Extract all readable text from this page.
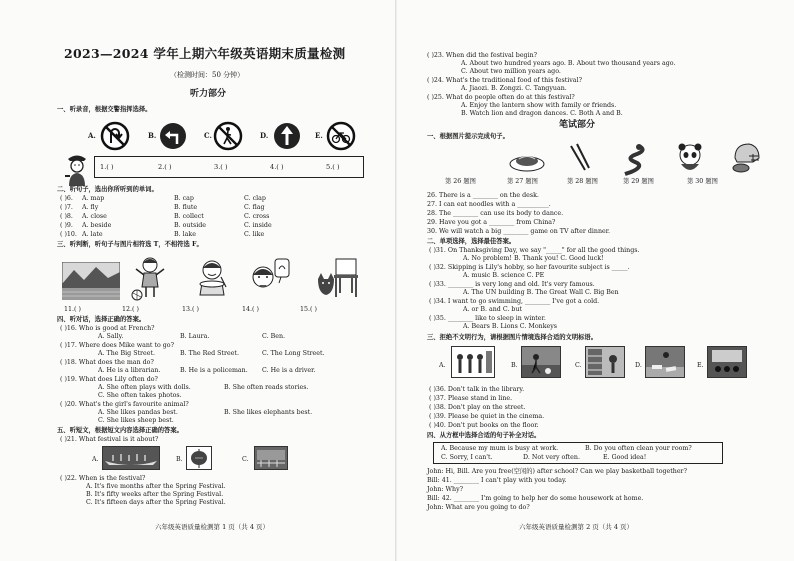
2023—2024 学年上期六年级英语期末质量检测
（检测时间：50 分钟）
听力部分
一、听录音，根据交警指挥选择。
A.	B.	C.	D.	E.
1.( )	2.( )	3.( )	4.( )	5.( )
二、听句子，选出你所听到的单词。
( )6. A. map	B. cap	C. clap
( )7. A. fly	B. flute	C. flag
( )8. A. close	B. collect	C. cross
( )9. A. beside	B. outside	C. inside
( )10. A. late	B. lake	C. like
三、听判断，听句子与图片相符选 T，不相符选 F。
11.( )	12.( )	13.( )	14.( )	15.( )
四、听对话，选择正确的答案。
( )16. Who is good at French?
A. Sally.	B. Laura.	C. Ben.
( )17. Where does Mike want to go?
A. The Big Street.	B. The Red Street.	C. The Long Street.
( )18. What does the man do?
A. He is a librarian.	B. He is a policeman. C. He is a driver.
( )19. What does Lily often do?
A. She often plays with dolls.	B. She often reads stories.
C. She often takes photos.
( )20. What's the girl's favourite animal?
A. She likes pandas best.	B. She likes elephants best.
C. She likes sheep best.
五、听短文，根据短文内容选择正确的答案。
( )21. What festival is it about?
A.	B.	C.
( )22. When is the festival?
A. It's five months after the Spring Festival.
B. It's fifty weeks after the Spring Festival.
C. It's fifteen days after the Spring Festival.
六年级英语质量检测第 1 页（共 4 页）
( )23. When did the festival begin?
A. About two hundred years ago. B. About two thousand years ago.
C. About two million years ago.
( )24. What's the traditional food of this festival?
A. Jiaozi. B. Zongzi. C. Tangyuan.
( )25. What do people often do at this festival?
A. Enjoy the lantern show with family or friends.
B. Watch lion and dragon dances. C. Both A and B.
笔试部分
一、根据图片提示完成句子。
第 26 题图	第 27 题图	第 28 题图	第 29 题图	第 30 题图
26. There is a ________ on the desk.
27. I can eat noodles with a __________.
28. The ________ can use its body to dance.
29. Have you got a ________ from China?
30. We will watch a big ________ game on TV after dinner.
二、单项选择，选择最佳答案。
( )31. On Thanksgiving Day, we say "_____" for all the good things.
A. No problem! B. Thank you! C. Good luck!
( )32. Skipping is Lily's hobby, so her favourite subject is _____.
A. music B. science C. PE
( )33. ________ is very long and old. It's very famous.
A. The UN building B. The Great Wall C. Big Ben
( )34. I want to go swimming, ________ I've got a cold.
A. or B. and C. but
( )35. ________ like to sleep in winter.
A. Bears B. Lions C. Monkeys
三、拒绝不文明行为，请根据图片情境选择合适的文明标语。
A.	B.	C.	D.	E.
( )36. Don't talk in the library.
( )37. Please stand in line.
( )38. Don't play on the street.
( )39. Please be quiet in the cinema.
( )40. Don't put books on the floor.
四、从方框中选择合适的句子补全对话。
A. Because my mum is busy at work.	B. Do you often clean your room?
C. Sorry, I can't.	D. Not very often.	E. Good idea!
John: Hi, Bill. Are you free(空闲的) after school? Can we play basketball together?
Bill: 41. ________ I can't play with you today.
John: Why?
Bill: 42. ________ I'm going to help her do some housework at home.
John: What are you going to do?
六年级英语质量检测第 2 页（共 4 页）
